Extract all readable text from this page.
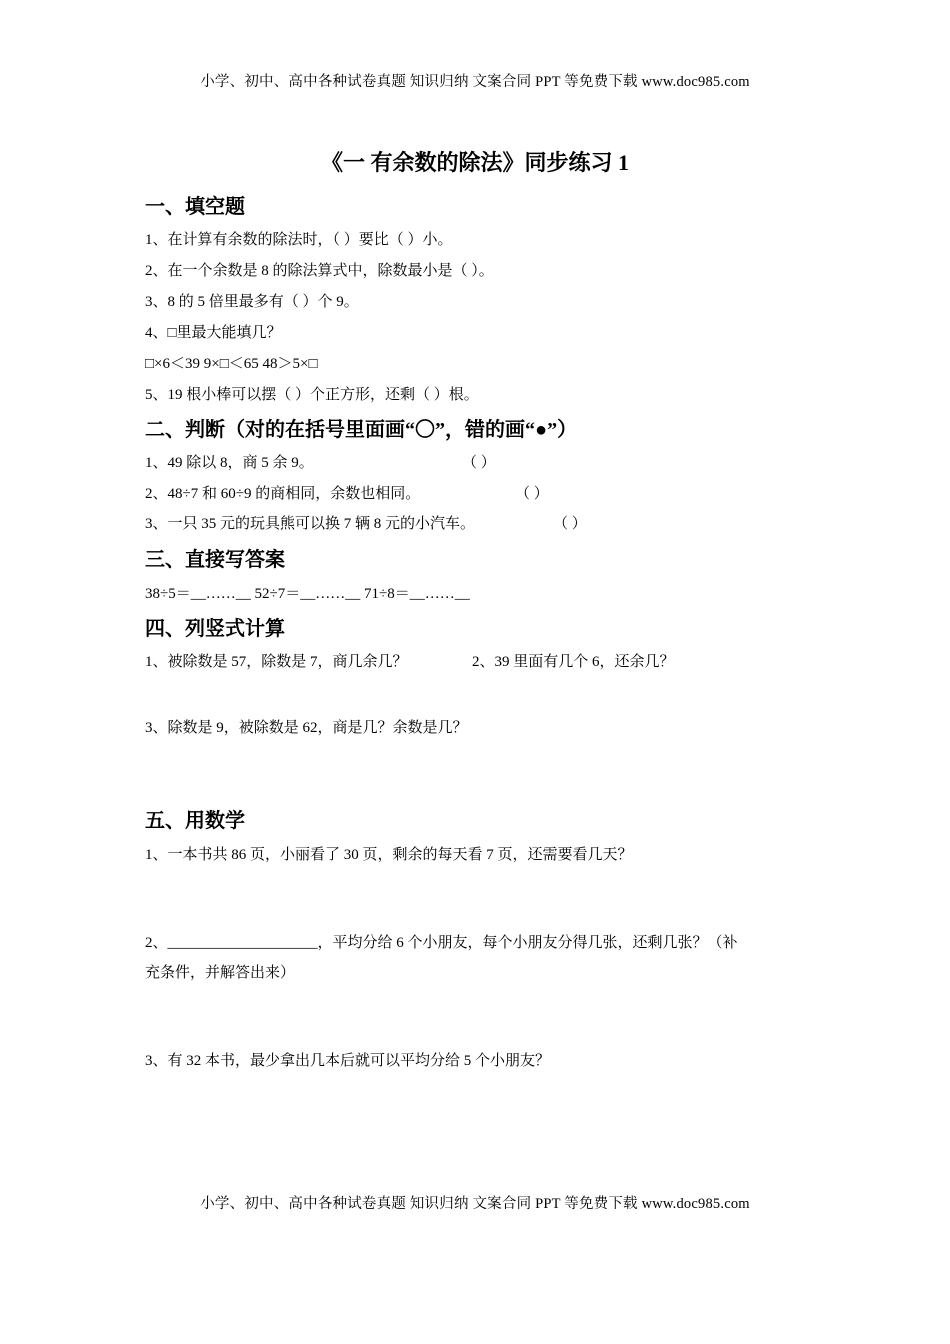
小学、初中、高中各种试卷真题 知识归纳 文案合同 PPT 等免费下载 www.doc985.com
《一 有余数的除法》同步练习 1
一、填空题
1、在计算有余数的除法时，（ ）要比（ ）小。
2、在一个余数是 8 的除法算式中，除数最小是（ ）。
3、8 的 5 倍里最多有（ ）个 9。
4、□里最大能填几？
□×6＜39 9×□＜65 48＞5×□
5、19 根小棒可以摆（ ）个正方形，还剩（ ）根。
二、判断（对的在括号里面画“〇”，错的画“●”）
1、49 除以 8，商 5 余 9。	（ ）
2、48÷7 和 60÷9 的商相同，余数也相同。	（ ）
3、一只 35 元的玩具熊可以换 7 辆 8 元的小汽车。	（ ）
三、直接写答案
38÷5＝__……__ 52÷7＝__……__ 71÷8＝__……__
四、列竖式计算
1、被除数是 57，除数是 7，商几余几？	2、39 里面有几个 6，还余几？
3、除数是 9，被除数是 62，商是几？余数是几？
五、用数学
1、一本书共 86 页，小丽看了 30 页，剩余的每天看 7 页，还需要看几天？
2、____________________，平均分给 6 个小朋友，每个小朋友分得几张，还剩几张？（补
充条件，并解答出来）
3、有 32 本书，最少拿出几本后就可以平均分给 5 个小朋友？
小学、初中、高中各种试卷真题 知识归纳 文案合同 PPT 等免费下载 www.doc985.com
